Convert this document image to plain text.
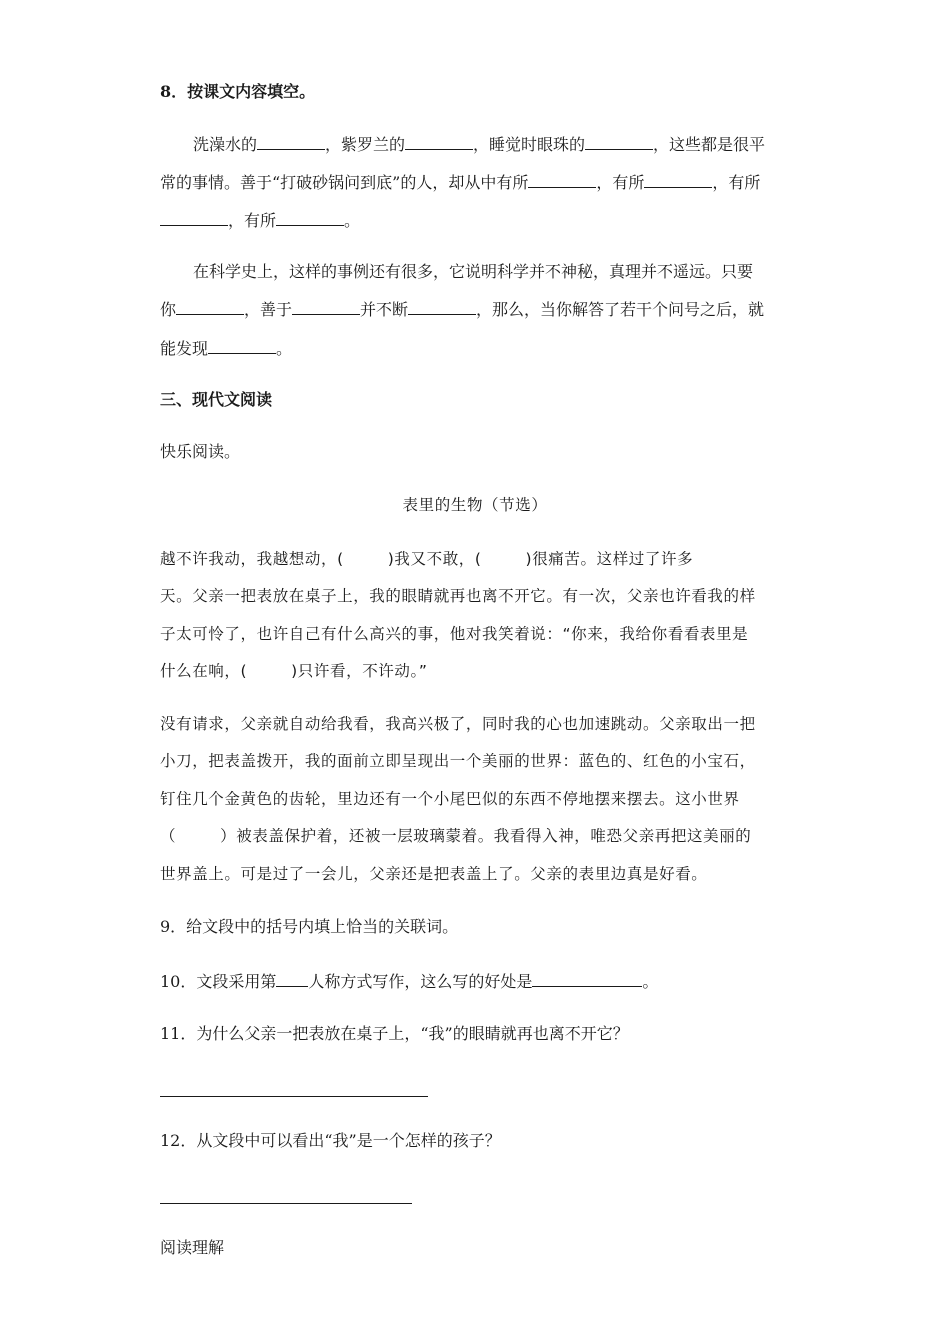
8．按课文内容填空。
洗澡水的	，紫罗兰的	，睡觉时眼珠的	，这些都是很平
常的事情。善于“打破砂锅问到底”的人，却从中有所	，有所	，有所
，有所	。
在科学史上，这样的事例还有很多，它说明科学并不神秘，真理并不遥远。只要
你	，善于	并不断	，那么，当你解答了若干个问号之后，就
能发现	。
三、现代文阅读
快乐阅读。
表里的生物（节选）
越不许我动，我越想动，(	)我又不敢，(	)很痛苦。这样过了许多
天。父亲一把表放在桌子上，我的眼睛就再也离不开它。有一次，父亲也许看我的样
子太可怜了，也许自己有什么高兴的事，他对我笑着说：“你来，我给你看看表里是
什么在响，(	)只许看，不许动。”
没有请求，父亲就自动给我看，我高兴极了，同时我的心也加速跳动。父亲取出一把
小刀，把表盖拨开，我的面前立即呈现出一个美丽的世界：蓝色的、红色的小宝石，
钉住几个金黄色的齿轮，里边还有一个小尾巴似的东西不停地摆来摆去。这小世界
（	）被表盖保护着，还被一层玻璃蒙着。我看得入神，唯恐父亲再把这美丽的
世界盖上。可是过了一会儿，父亲还是把表盖上了。父亲的表里边真是好看。
9．给文段中的括号内填上恰当的关联词。
10．文段采用第 人称方式写作，这么写的好处是	。
11．为什么父亲一把表放在桌子上，“我”的眼睛就再也离不开它？
12．从文段中可以看出“我”是一个怎样的孩子？
阅读理解
